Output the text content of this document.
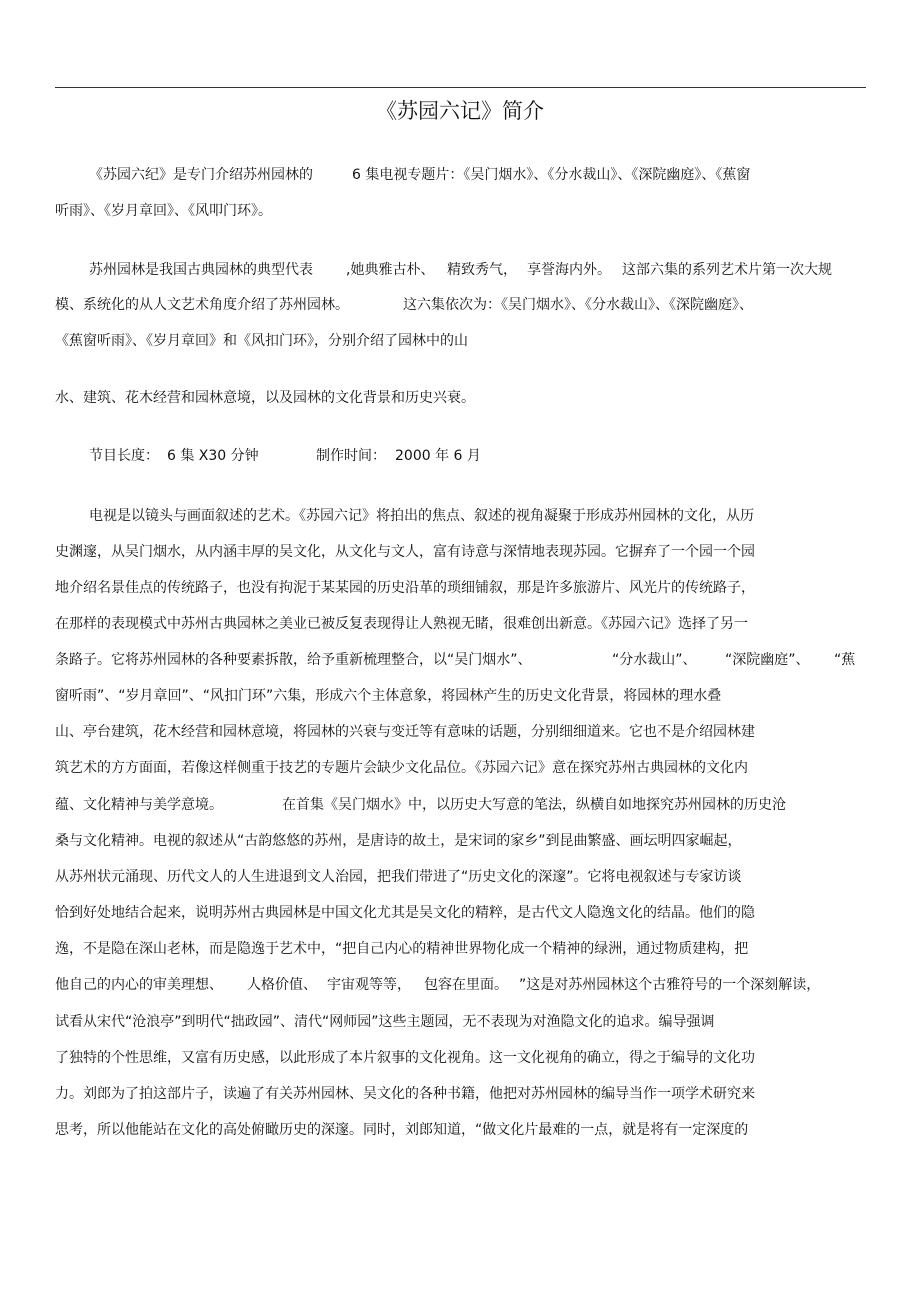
《苏园六记》简介
《苏园六纪》是专门介绍苏州园林的	6 集电视专题片：《吴门烟水》、《分水裁山》、《深院幽庭》、《蕉窗
听雨》、《岁月章回》、《风叩门环》。
苏州园林是我国古典园林的典型代表 ,她典雅古朴、 精致秀气， 享誉海内外。 这部六集的系列艺术片第一次大规
模、系统化的从人文艺术角度介绍了苏州园林。	这六集依次为：《吴门烟水》、《分水裁山》、《深院幽庭》、
《蕉窗听雨》、《岁月章回》和《风扣门环》，分别介绍了园林中的山
水、建筑、花木经营和园林意境，以及园林的文化背景和历史兴衰。
节目长度： 6 集 X30 分钟	制作时间： 2000 年 6 月
电视是以镜头与画面叙述的艺术。《苏园六记》将拍出的焦点、叙述的视角凝聚于形成苏州园林的文化，从历
史渊邃，从吴门烟水，从内涵丰厚的吴文化，从文化与文人，富有诗意与深情地表现苏园。它摒弃了一个园一个园
地介绍名景佳点的传统路子，也没有拘泥于某某园的历史沿革的琐细铺叙，那是许多旅游片、风光片的传统路子，
在那样的表现模式中苏州古典园林之美业已被反复表现得让人熟视无睹，很难创出新意。《苏园六记》选择了另一
条路子。它将苏州园林的各种要素拆散，给予重新梳理整合，以“吴门烟水”、	“分水裁山”、 “深院幽庭”、 “蕉
窗听雨”、“岁月章回”、“风扣门环”六集，形成六个主体意象，将园林产生的历史文化背景，将园林的理水叠
山、亭台建筑，花木经营和园林意境，将园林的兴衰与变迁等有意味的话题，分别细细道来。它也不是介绍园林建
筑艺术的方方面面，若像这样侧重于技艺的专题片会缺少文化品位。《苏园六记》意在探究苏州古典园林的文化内
蕴、文化精神与美学意境。	在首集《吴门烟水》中，以历史大写意的笔法，纵横自如地探究苏州园林的历史沧
桑与文化精神。电视的叙述从“古韵悠悠的苏州，是唐诗的故土，是宋词的家乡”到昆曲繁盛、画坛明四家崛起，
从苏州状元涌现、历代文人的人生进退到文人治园，把我们带进了“历史文化的深邃”。它将电视叙述与专家访谈
恰到好处地结合起来，说明苏州古典园林是中国文化尤其是吴文化的精粹，是古代文人隐逸文化的结晶。他们的隐
逸，不是隐在深山老林，而是隐逸于艺术中，“把自己内心的精神世界物化成一个精神的绿洲，通过物质建构，把
他自己的内心的审美理想、 人格价值、 宇宙观等等， 包容在里面。 ”这是对苏州园林这个古雅符号的一个深刻解读，
试看从宋代“沧浪亭”到明代“拙政园”、清代“网师园”这些主题园，无不表现为对渔隐文化的追求。编导强调
了独特的个性思维，又富有历史感，以此形成了本片叙事的文化视角。这一文化视角的确立，得之于编导的文化功
力。刘郎为了拍这部片子，读遍了有关苏州园林、吴文化的各种书籍，他把对苏州园林的编导当作一项学术研究来
思考，所以他能站在文化的高处俯瞰历史的深邃。同时，刘郎知道，“做文化片最难的一点，就是将有一定深度的
